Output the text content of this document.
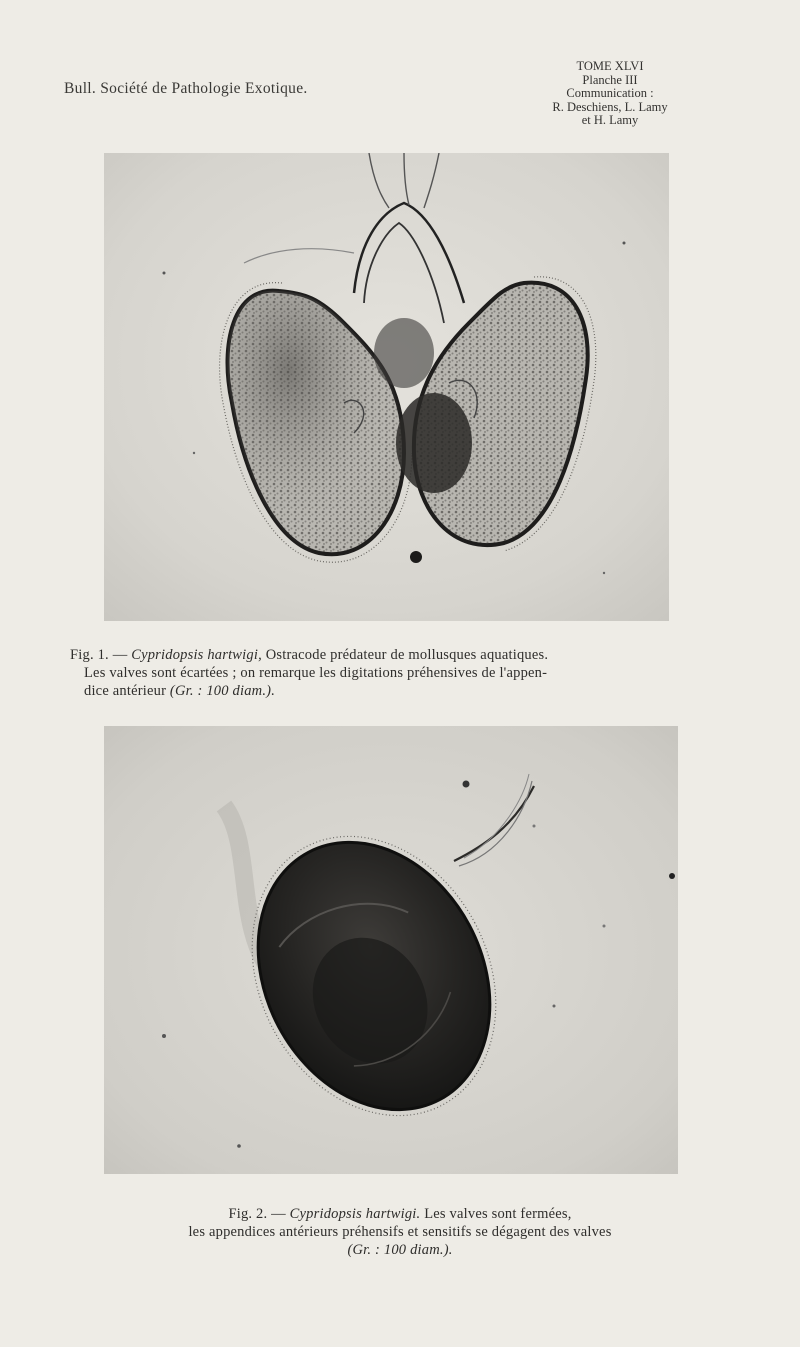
Bull. Société de Pathologie Exotique.
TOME XLVI
Planche III
Communication :
R. Deschiens, L. Lamy
et H. Lamy
Fig. 1. — Cypridopsis hartwigi, Ostracode prédateur de mollusques aquatiques.
Les valves sont écartées ; on remarque les digitations préhensives de l'appen-
dice antérieur (Gr. : 100 diam.).
Fig. 2. — Cypridopsis hartwigi. Les valves sont fermées,
les appendices antérieurs préhensifs et sensitifs se dégagent des valves
(Gr. : 100 diam.).
